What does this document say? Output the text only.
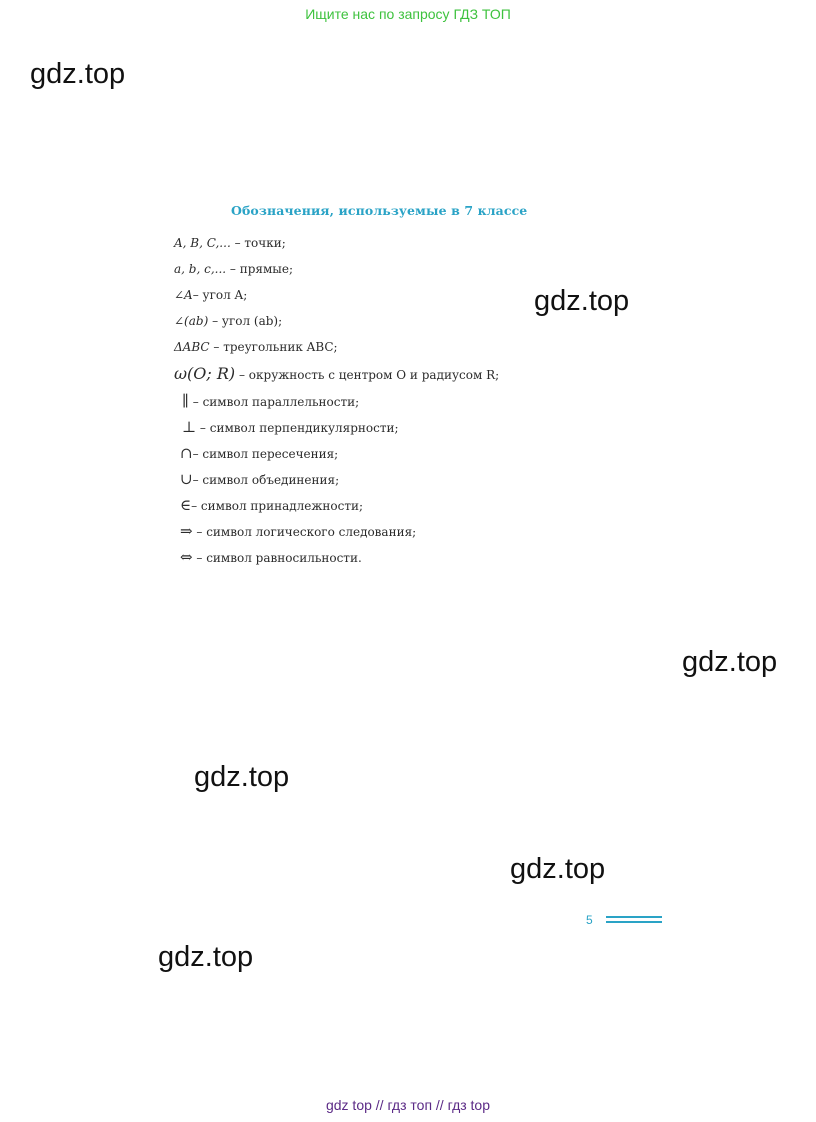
Ищите нас по запросу ГДЗ ТОП
gdz.top
gdz.top
gdz.top
gdz.top
gdz.top
gdz.top
Обозначения, используемые в 7 классе
A, B, C,... – точки;
a, b, c,... – прямые;
∠A– угол A;
∠(ab) – угол (ab);
ΔABC – треугольник ABC;
ω(O; R) – окружность с центром O и радиусом R;
∥ – символ параллельности;
⊥ – символ перпендикулярности;
∩– символ пересечения;
∪– символ объединения;
∈– символ принадлежности;
⇒ – символ логического следования;
⇔ – символ равносильности.
5
gdz top // гдз топ // гдз top
